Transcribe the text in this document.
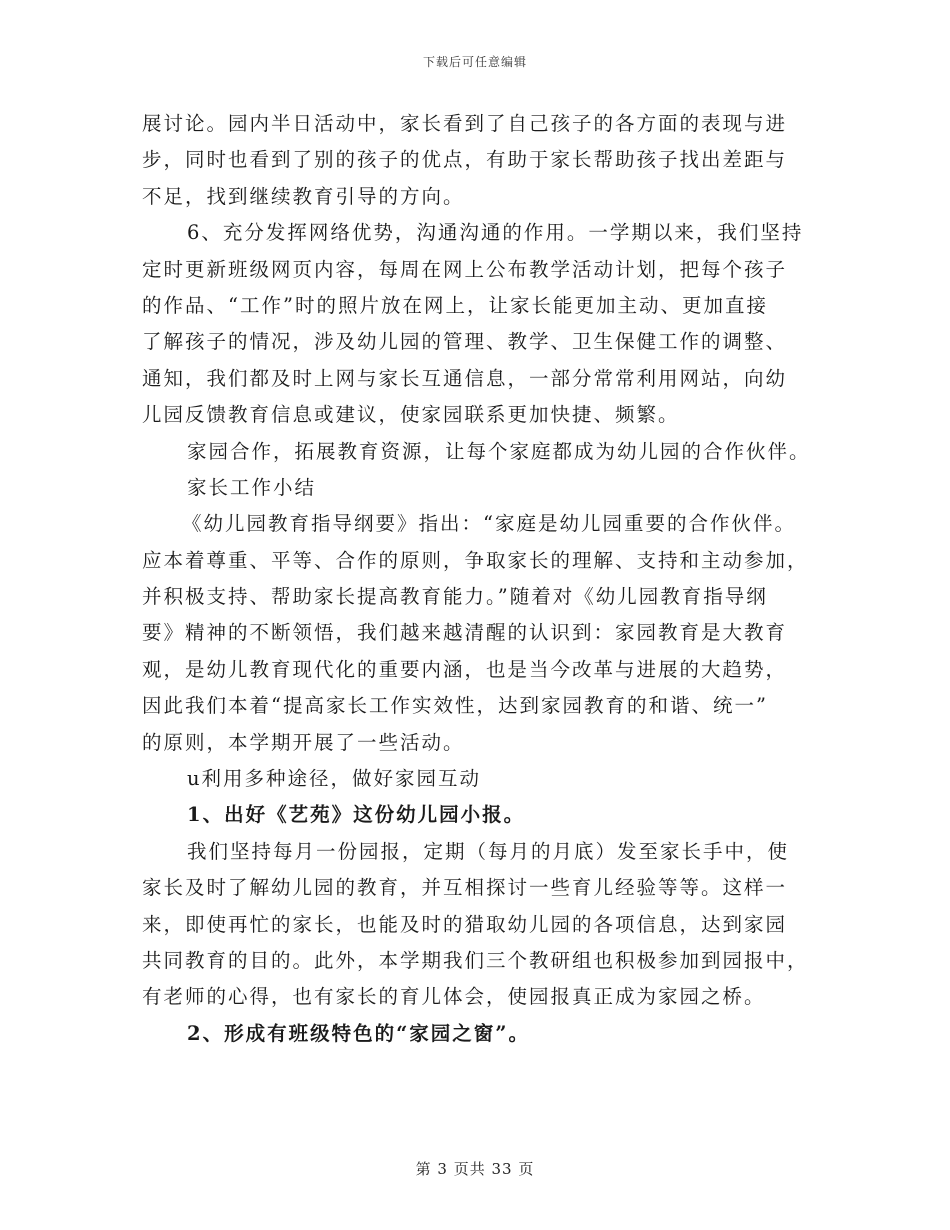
下载后可任意编辑
展讨论。园内半日活动中，家长看到了自己孩子的各方面的表现与进
步，同时也看到了别的孩子的优点，有助于家长帮助孩子找出差距与
不足，找到继续教育引导的方向。
6、充分发挥网络优势，沟通沟通的作用。一学期以来，我们坚持
定时更新班级网页内容，每周在网上公布教学活动计划，把每个孩子
的作品、“工作”时的照片放在网上，让家长能更加主动、更加直接
了解孩子的情况，涉及幼儿园的管理、教学、卫生保健工作的调整、
通知，我们都及时上网与家长互通信息，一部分常常利用网站，向幼
儿园反馈教育信息或建议，使家园联系更加快捷、频繁。
家园合作，拓展教育资源，让每个家庭都成为幼儿园的合作伙伴。
家长工作小结
《幼儿园教育指导纲要》指出：“家庭是幼儿园重要的合作伙伴。
应本着尊重、平等、合作的原则，争取家长的理解、支持和主动参加，
并积极支持、帮助家长提高教育能力。”随着对《幼儿园教育指导纲
要》精神的不断领悟，我们越来越清醒的认识到：家园教育是大教育
观，是幼儿教育现代化的重要内涵，也是当今改革与进展的大趋势，
因此我们本着“提高家长工作实效性，达到家园教育的和谐、统一”
的原则，本学期开展了一些活动。
u利用多种途径，做好家园互动
1、出好《艺苑》这份幼儿园小报。
我们坚持每月一份园报，定期（每月的月底）发至家长手中，使
家长及时了解幼儿园的教育，并互相探讨一些育儿经验等等。这样一
来，即使再忙的家长，也能及时的猎取幼儿园的各项信息，达到家园
共同教育的目的。此外，本学期我们三个教研组也积极参加到园报中，
有老师的心得，也有家长的育儿体会，使园报真正成为家园之桥。
2、形成有班级特色的“家园之窗”。
第 3 页共 33 页
